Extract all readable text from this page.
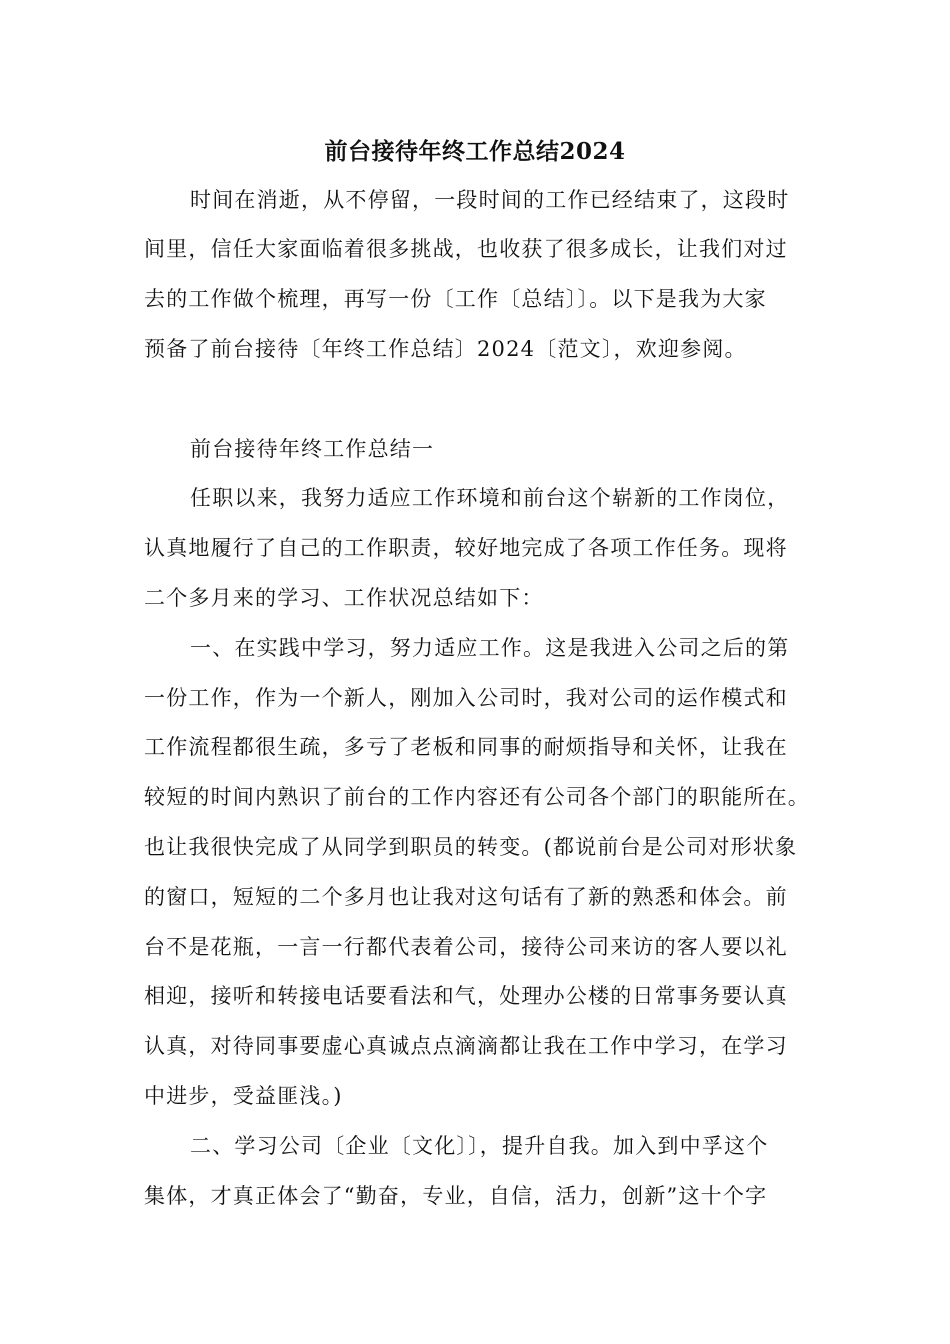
前台接待年终工作总结2024
时间在消逝，从不停留，一段时间的工作已经结束了，这段时
间里，信任大家面临着很多挑战，也收获了很多成长，让我们对过
去的工作做个梳理，再写一份〔工作〔总结〕〕。以下是我为大家
预备了前台接待〔年终工作总结〕2024〔范文〕，欢迎参阅。
前台接待年终工作总结一
任职以来，我努力适应工作环境和前台这个崭新的工作岗位，
认真地履行了自己的工作职责，较好地完成了各项工作任务。现将
二个多月来的学习、工作状况总结如下：
一、在实践中学习，努力适应工作。这是我进入公司之后的第
一份工作，作为一个新人，刚加入公司时，我对公司的运作模式和
工作流程都很生疏，多亏了老板和同事的耐烦指导和关怀，让我在
较短的时间内熟识了前台的工作内容还有公司各个部门的职能所在。
也让我很快完成了从同学到职员的转变。(都说前台是公司对形状象
的窗口，短短的二个多月也让我对这句话有了新的熟悉和体会。前
台不是花瓶，一言一行都代表着公司，接待公司来访的客人要以礼
相迎，接听和转接电话要看法和气，处理办公楼的日常事务要认真
认真，对待同事要虚心真诚点点滴滴都让我在工作中学习，在学习
中进步，受益匪浅。)
二、学习公司〔企业〔文化〕〕，提升自我。加入到中孚这个
集体，才真正体会了“勤奋，专业，自信，活力，创新”这十个字
